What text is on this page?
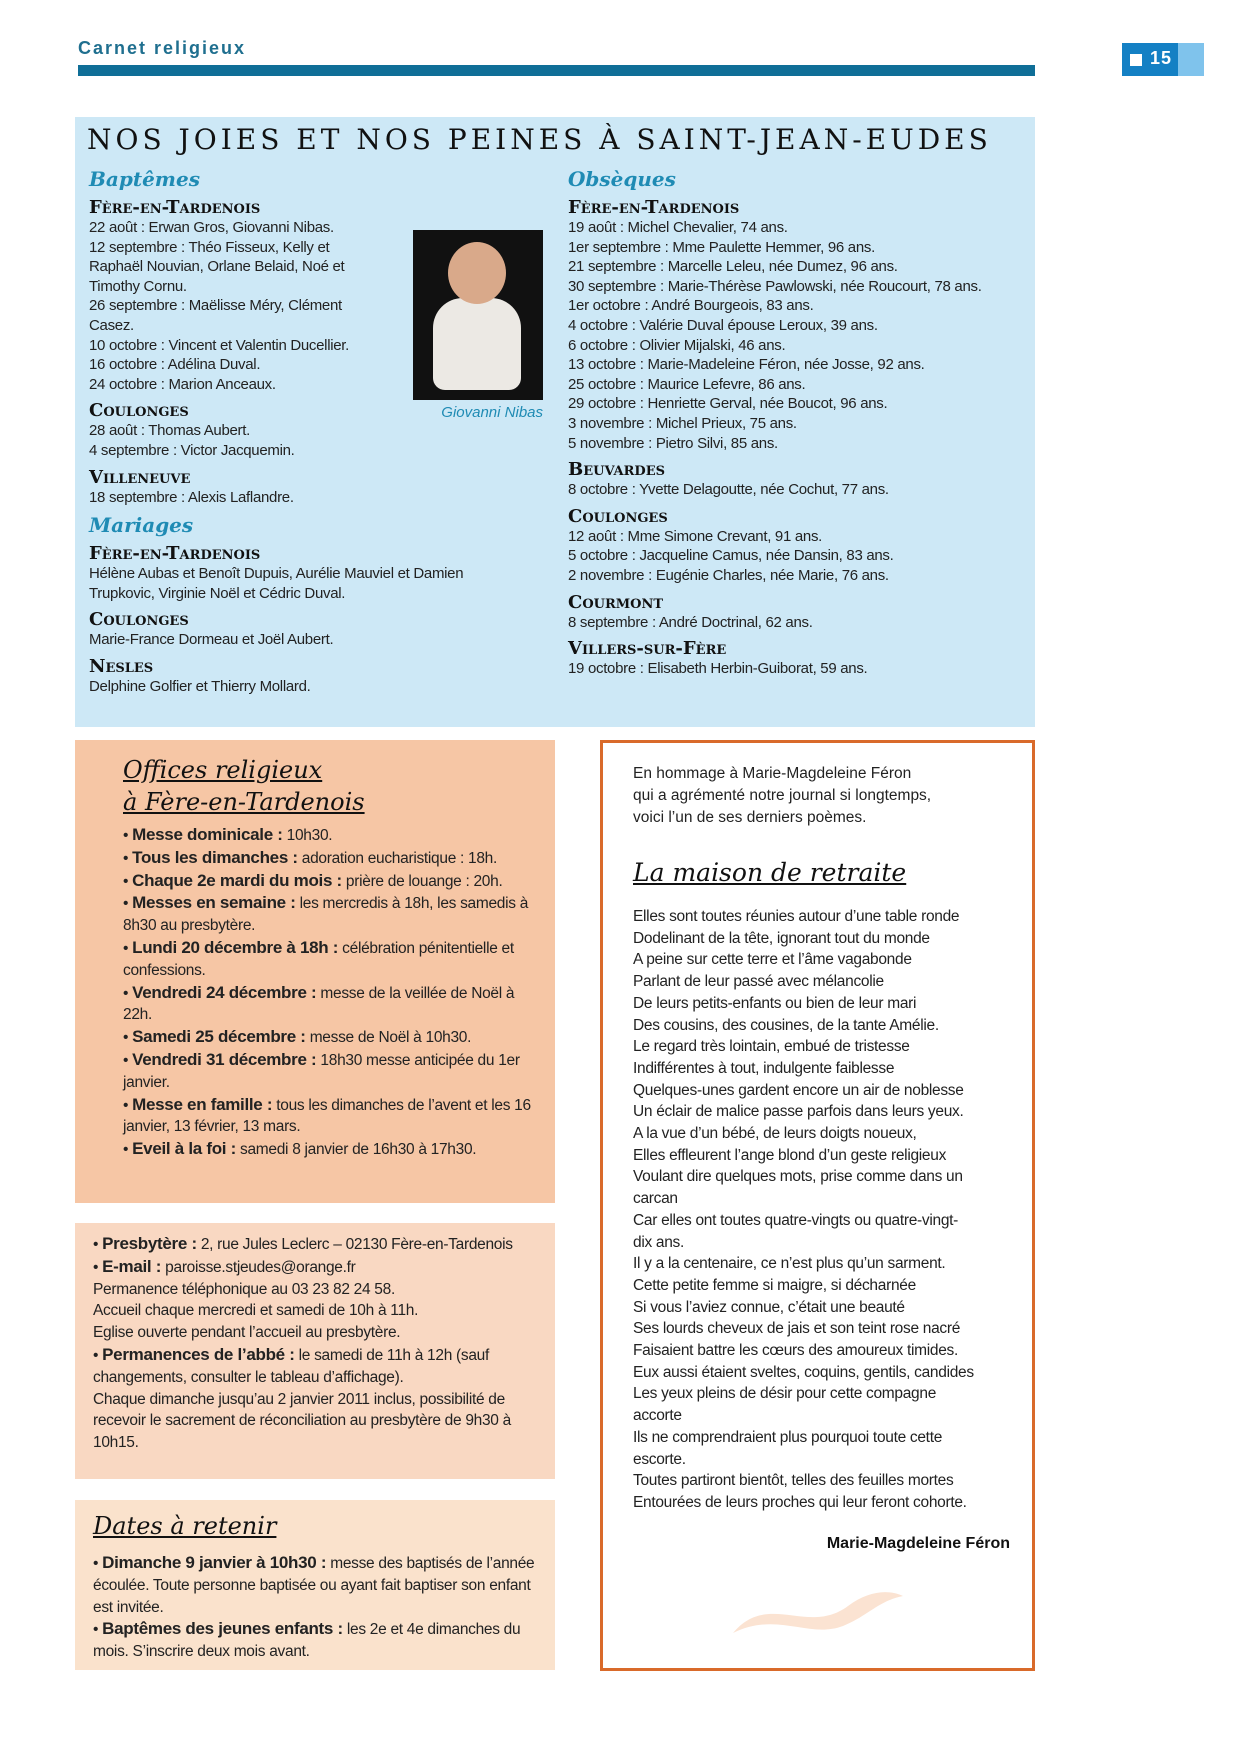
Carnet religieux	15
NOS JOIES ET NOS PEINES À SAINT-JEAN-EUDES
Baptêmes

Fère-en-Tardenois

22 août : Erwan Gros, Giovanni Nibas.

12 septembre : Théo Fisseux, Kelly et

Raphaël Nouvian, Orlane Belaid, Noé et

Timothy Cornu.

26 septembre : Maëlisse Méry, Clément

Casez.

10 octobre : Vincent et Valentin Ducellier.

16 octobre : Adélina Duval.

24 octobre : Marion Anceaux.

Coulonges

28 août : Thomas Aubert.

4 septembre : Victor Jacquemin.

Villeneuve

18 septembre : Alexis Laflandre.

Mariages

Fère-en-Tardenois

Hélène Aubas et Benoît Dupuis, Aurélie Mauviel et Damien

Trupkovic, Virginie Noël et Cédric Duval.

Coulonges

Marie-France Dormeau et Joël Aubert.

Nesles

Delphine Golfier et Thierry Mollard.

Giovanni Nibas
Obsèques

Fère-en-Tardenois

19 août : Michel Chevalier, 74 ans.

1er septembre : Mme Paulette Hemmer, 96 ans.

21 septembre : Marcelle Leleu, née Dumez, 96 ans.

30 septembre : Marie-Thérèse Pawlowski, née Roucourt, 78 ans.

1er octobre : André Bourgeois, 83 ans.

4 octobre : Valérie Duval épouse Leroux, 39 ans.

6 octobre : Olivier Mijalski, 46 ans.

13 octobre : Marie-Madeleine Féron, née Josse, 92 ans.

25 octobre : Maurice Lefevre, 86 ans.

29 octobre : Henriette Gerval, née Boucot, 96 ans.

3 novembre : Michel Prieux, 75 ans.

5 novembre : Pietro Silvi, 85 ans.

Beuvardes

8 octobre : Yvette Delagoutte, née Cochut, 77 ans.

Coulonges

12 août : Mme Simone Crevant, 91 ans.

5 octobre : Jacqueline Camus, née Dansin, 83 ans.

2 novembre : Eugénie Charles, née Marie, 76 ans.

Courmont

8 septembre : André Doctrinal, 62 ans.

Villers-sur-Fère

19 octobre : Elisabeth Herbin-Guiborat, 59 ans.

Offices religieux

à Fère-en-Tardenois

• Messe dominicale : 10h30.
• Tous les dimanches : adoration eucharistique : 18h.
• Chaque 2e mardi du mois : prière de louange : 20h.
• Messes en semaine : les mercredis à 18h, les samedis à 8h30 au presbytère.
• Lundi 20 décembre à 18h : célébration pénitentielle et confessions.
• Vendredi 24 décembre : messe de la veillée de Noël à 22h.
• Samedi 25 décembre : messe de Noël à 10h30.
• Vendredi 31 décembre : 18h30 messe anticipée du 1er janvier.
• Messe en famille : tous les dimanches de l’avent et les 16 janvier, 13 février, 13 mars.
• Eveil à la foi : samedi 8 janvier de 16h30 à 17h30.

• Presbytère : 2, rue Jules Leclerc – 02130 Fère-en-Tardenois

• E-mail : paroisse.stjeudes@orange.fr

Permanence téléphonique au 03 23 82 24 58.

Accueil chaque mercredi et samedi de 10h à 11h.

Eglise ouverte pendant l’accueil au presbytère.

• Permanences de l’abbé : le samedi de 11h à 12h (sauf changements, consulter le tableau d’affichage).

Chaque dimanche jusqu’au 2 janvier 2011 inclus, possibilité de recevoir le sacrement de réconciliation au presbytère de 9h30 à 10h15.

Dates à retenir

• Dimanche 9 janvier à 10h30 : messe des baptisés de l’année écoulée. Toute personne baptisée ou ayant fait baptiser son enfant est invitée.
• Baptêmes des jeunes enfants : les 2e et 4e dimanches du mois. S’inscrire deux mois avant.
En hommage à Marie-Magdeleine Féron
qui a agrémenté notre journal si longtemps,
voici l’un de ses derniers poèmes.
La maison de retraite

Elles sont toutes réunies autour d’une table ronde

Dodelinant de la tête, ignorant tout du monde

A peine sur cette terre et l’âme vagabonde

Parlant de leur passé avec mélancolie

De leurs petits-enfants ou bien de leur mari

Des cousins, des cousines, de la tante Amélie.

Le regard très lointain, embué de tristesse

Indifférentes à tout, indulgente faiblesse

Quelques-unes gardent encore un air de noblesse

Un éclair de malice passe parfois dans leurs yeux.

A la vue d’un bébé, de leurs doigts noueux,

Elles effleurent l’ange blond d’un geste religieux

Voulant dire quelques mots, prise comme dans un

carcan

Car elles ont toutes quatre-vingts ou quatre-vingt-

dix ans.

Il y a la centenaire, ce n’est plus qu’un sarment.

Cette petite femme si maigre, si décharnée

Si vous l’aviez connue, c’était une beauté

Ses lourds cheveux de jais et son teint rose nacré

Faisaient battre les cœurs des amoureux timides.

Eux aussi étaient sveltes, coquins, gentils, candides

Les yeux pleins de désir pour cette compagne

accorte

Ils ne comprendraient plus pourquoi toute cette

escorte.

Toutes partiront bientôt, telles des feuilles mortes

Entourées de leurs proches qui leur feront cohorte.

Marie-Magdeleine Féron
